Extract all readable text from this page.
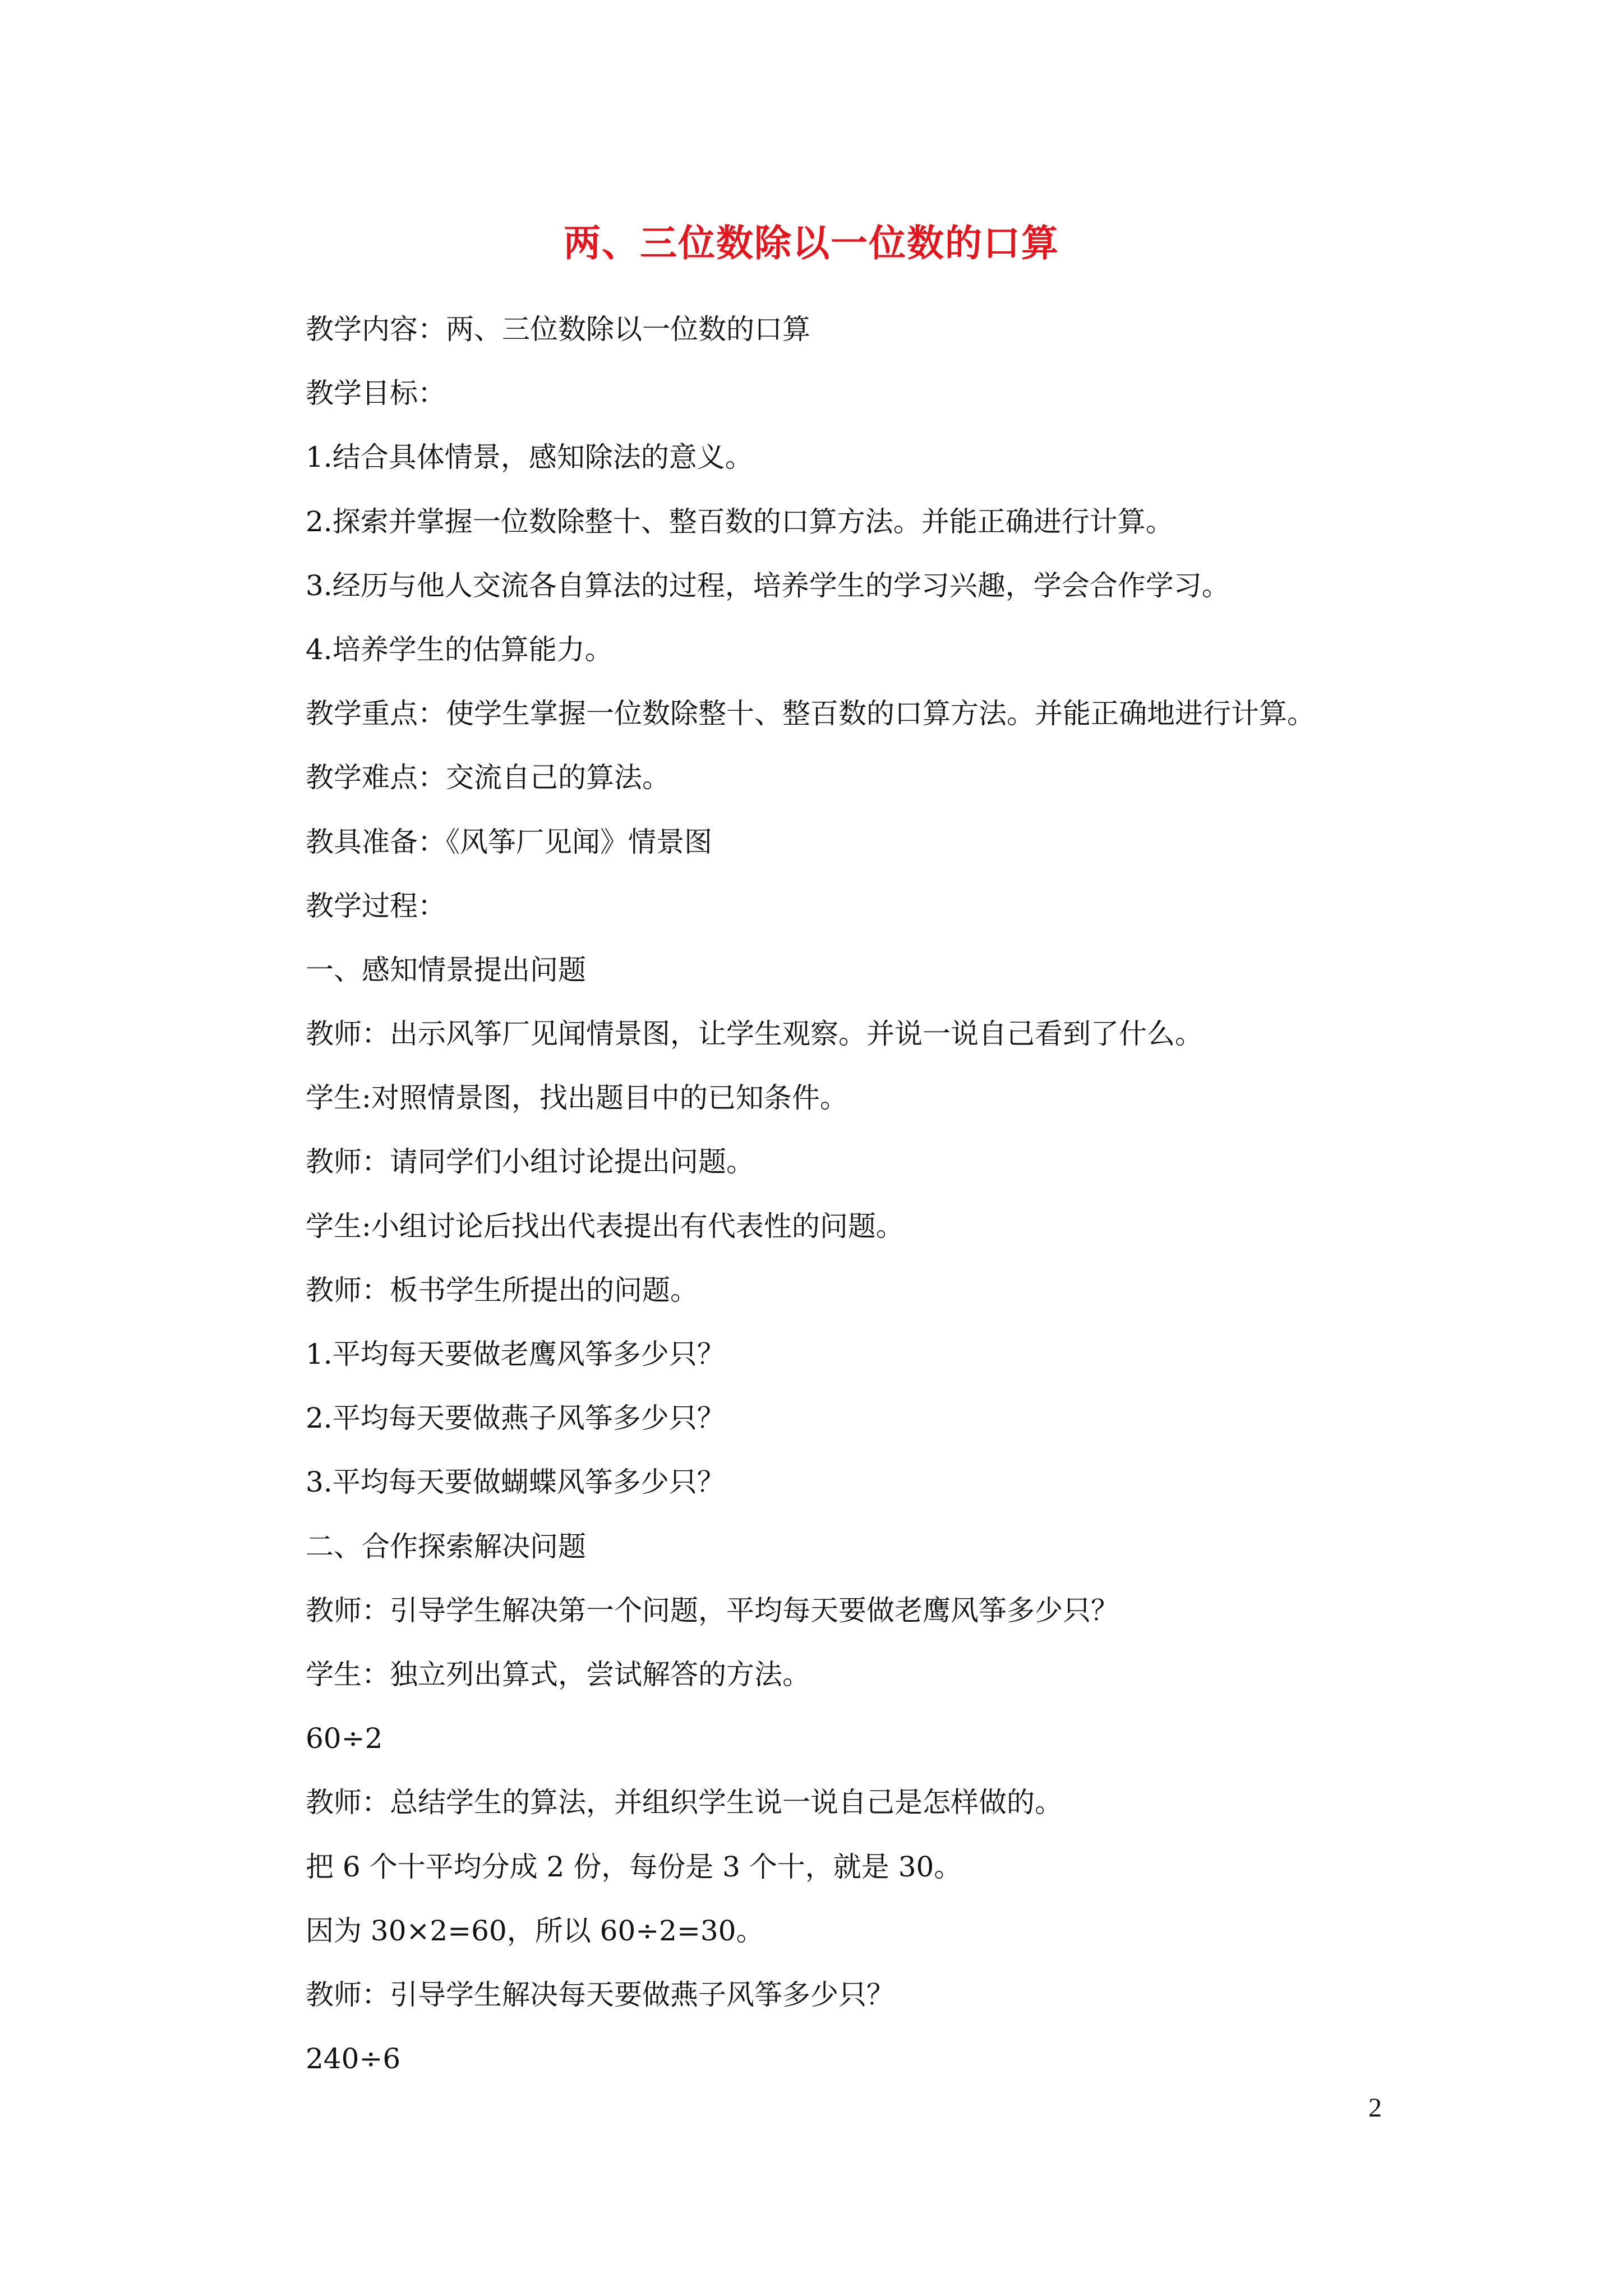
两、三位数除以一位数的口算
教学内容：两、三位数除以一位数的口算
教学目标：
1.结合具体情景，感知除法的意义。
2.探索并掌握一位数除整十、整百数的口算方法。并能正确进行计算。
3.经历与他人交流各自算法的过程，培养学生的学习兴趣，学会合作学习。
4.培养学生的估算能力。
教学重点：使学生掌握一位数除整十、整百数的口算方法。并能正确地进行计算。
教学难点：交流自己的算法。
教具准备：《风筝厂见闻》情景图
教学过程：
一、感知情景提出问题
教师：出示风筝厂见闻情景图，让学生观察。并说一说自己看到了什么。
学生:对照情景图，找出题目中的已知条件。
教师：请同学们小组讨论提出问题。
学生:小组讨论后找出代表提出有代表性的问题。
教师：板书学生所提出的问题。
1.平均每天要做老鹰风筝多少只？
2.平均每天要做燕子风筝多少只？
3.平均每天要做蝴蝶风筝多少只？
二、合作探索解决问题
教师：引导学生解决第一个问题，平均每天要做老鹰风筝多少只？
学生：独立列出算式，尝试解答的方法。
60÷2
教师：总结学生的算法，并组织学生说一说自己是怎样做的。
把 6 个十平均分成 2 份，每份是 3 个十，就是 30。
因为 30×2=60，所以 60÷2=30。
教师：引导学生解决每天要做燕子风筝多少只？
240÷6
2
